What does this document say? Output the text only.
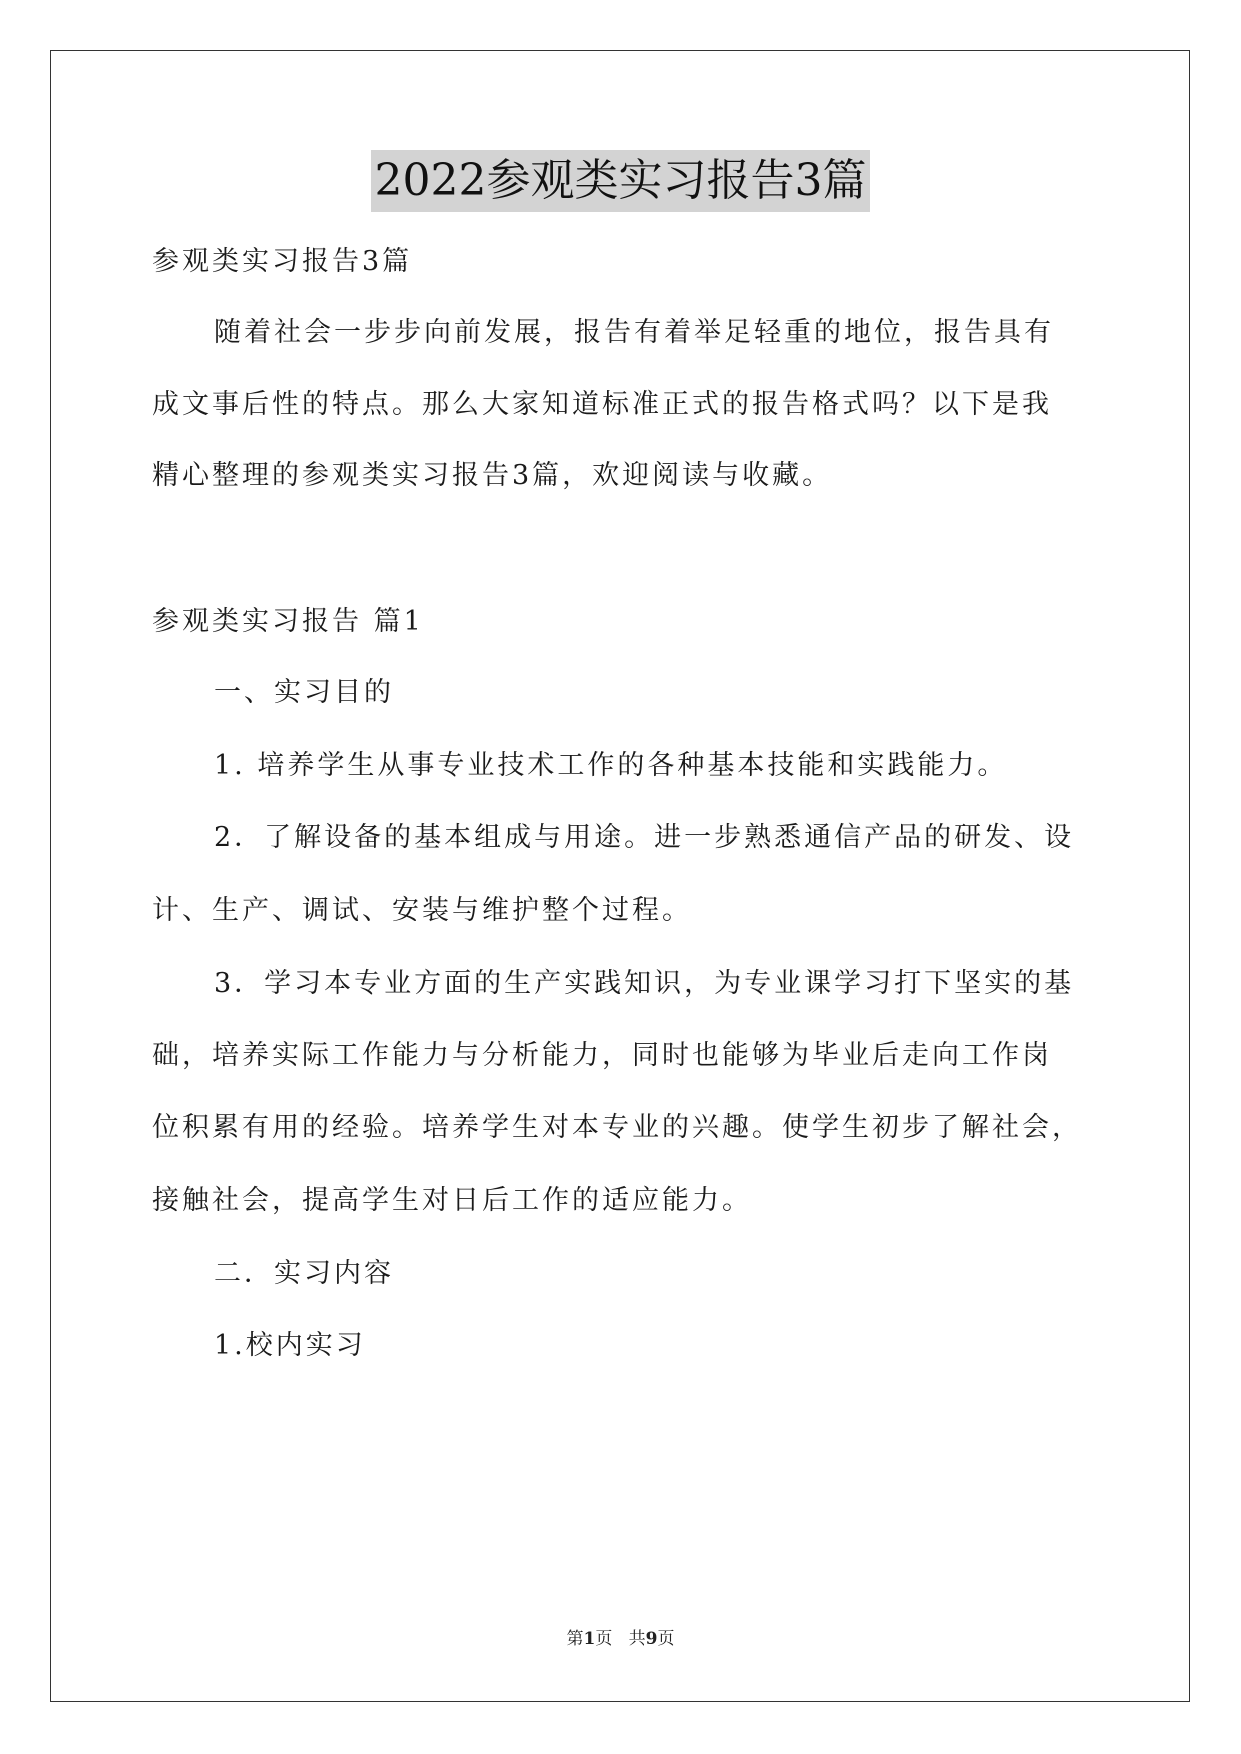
2022参观类实习报告3篇
参观类实习报告3篇
随着社会一步步向前发展，报告有着举足轻重的地位，报告具有
成文事后性的特点。那么大家知道标准正式的报告格式吗？以下是我
精心整理的参观类实习报告3篇，欢迎阅读与收藏。
参观类实习报告 篇1
一、实习目的
1. 培养学生从事专业技术工作的各种基本技能和实践能力。
2．了解设备的基本组成与用途。进一步熟悉通信产品的研发、设
计、生产、调试、安装与维护整个过程。
3．学习本专业方面的生产实践知识，为专业课学习打下坚实的基
础，培养实际工作能力与分析能力，同时也能够为毕业后走向工作岗
位积累有用的经验。培养学生对本专业的兴趣。使学生初步了解社会，
接触社会，提高学生对日后工作的适应能力。
二．实习内容
1.校内实习
第1页 共9页
